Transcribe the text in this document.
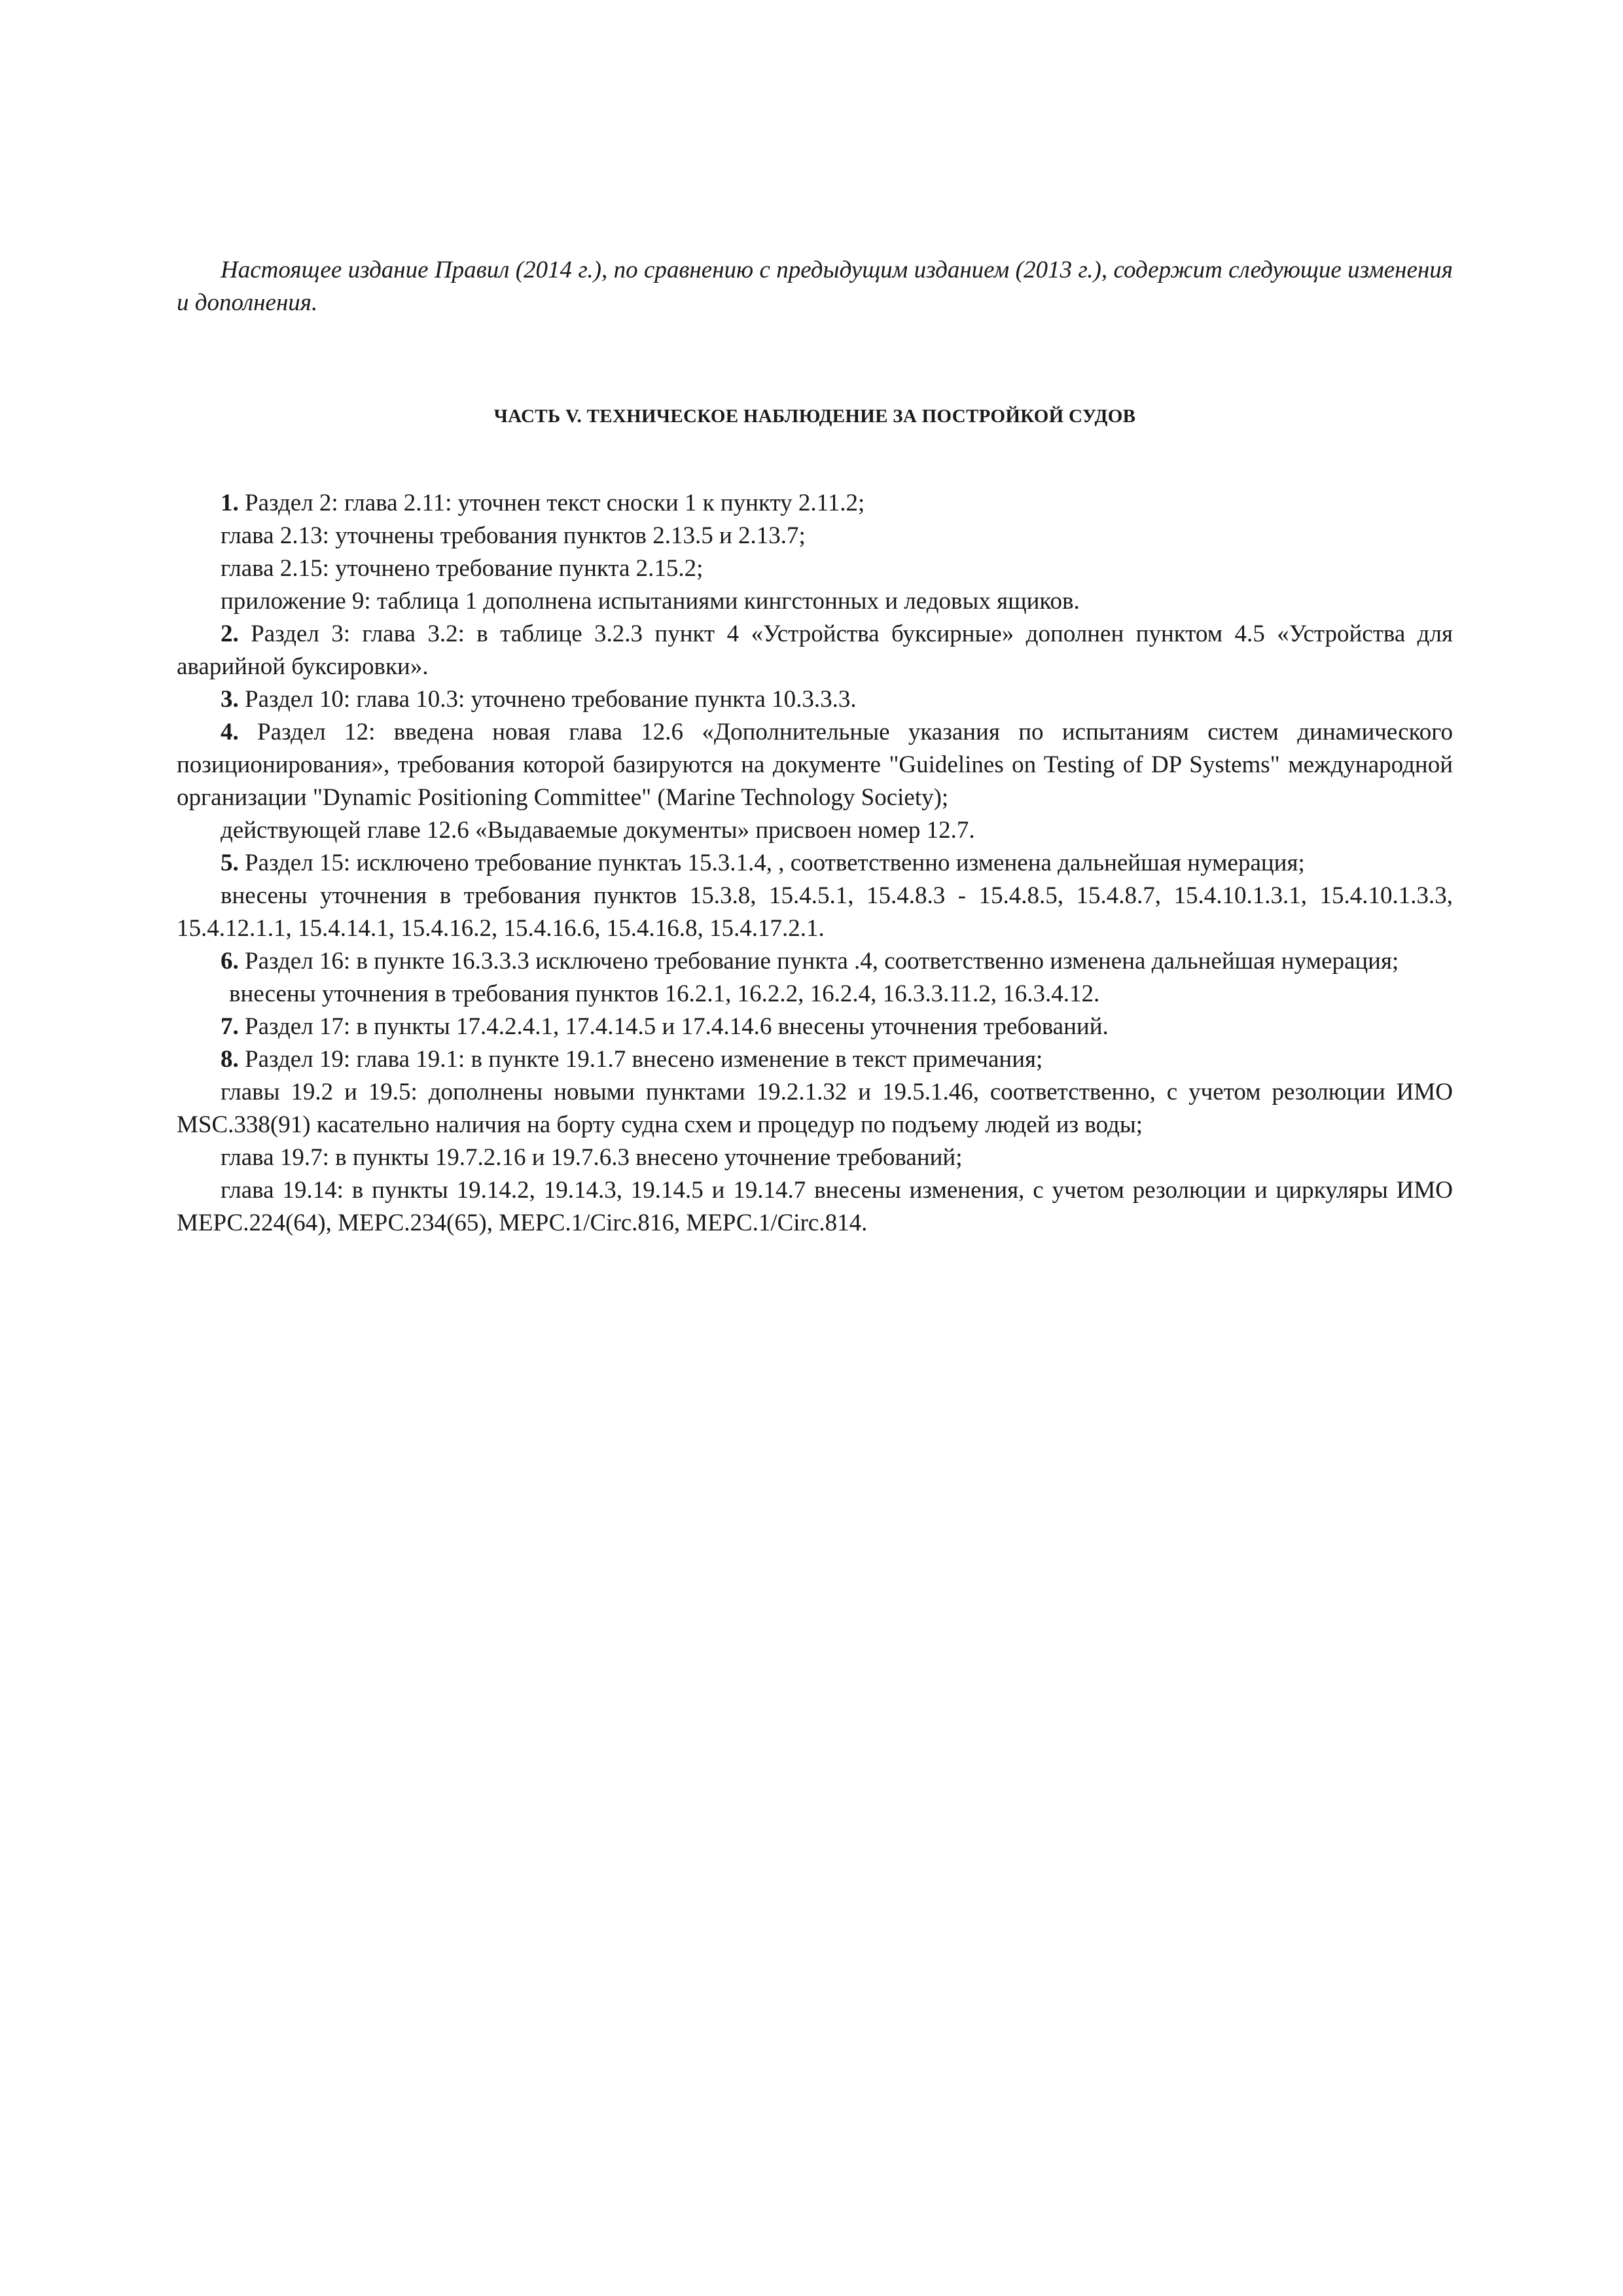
Настоящее издание Правил (2014 г.), по сравнению с предыдущим изданием (2013 г.), содержит следующие изменения и дополнения.

ЧАСТЬ V. ТЕХНИЧЕСКОЕ НАБЛЮДЕНИЕ ЗА ПОСТРОЙКОЙ СУДОВ

1. Раздел 2: глава 2.11: уточнен текст сноски 1 к пункту 2.11.2;

глава 2.13: уточнены требования пунктов 2.13.5 и 2.13.7;

глава 2.15: уточнено требование пункта 2.15.2;

приложение 9: таблица 1 дополнена испытаниями кингстонных и ледовых ящиков.

2. Раздел 3: глава 3.2: в таблице 3.2.3 пункт 4 «Устройства буксирные» дополнен пунктом 4.5 «Устройства для аварийной буксировки».

3. Раздел 10: глава 10.3: уточнено требование пункта 10.3.3.3.

4. Раздел 12: введена новая глава 12.6 «Дополнительные указания по испытаниям систем динамического позиционирования», требования которой базируются на документе "Guidelines on Testing of DP Systems" международной организации "Dynamic Positioning Committee" (Marine Technology Society);

действующей главе 12.6 «Выдаваемые документы» присвоен номер 12.7.

5. Раздел 15: исключено требование пунктаъ 15.3.1.4, , соответственно изменена дальнейшая нумерация;

внесены уточнения в требования пунктов 15.3.8, 15.4.5.1, 15.4.8.3 - 15.4.8.5, 15.4.8.7, 15.4.10.1.3.1, 15.4.10.1.3.3, 15.4.12.1.1, 15.4.14.1, 15.4.16.2, 15.4.16.6, 15.4.16.8, 15.4.17.2.1.

6. Раздел 16: в пункте 16.3.3.3 исключено требование пункта .4, соответственно изменена дальнейшая нумерация;

внесены уточнения в требования пунктов 16.2.1, 16.2.2, 16.2.4, 16.3.3.11.2, 16.3.4.12.

7. Раздел 17: в пункты 17.4.2.4.1, 17.4.14.5 и 17.4.14.6 внесены уточнения требований.

8. Раздел 19: глава 19.1: в пункте 19.1.7 внесено изменение в текст примечания;

главы 19.2 и 19.5: дополнены новыми пунктами 19.2.1.32 и 19.5.1.46, соответственно, с учетом резолюции ИМО MSC.338(91) касательно наличия на борту судна схем и процедур по подъему людей из воды;

глава 19.7: в пункты 19.7.2.16 и 19.7.6.3 внесено уточнение требований;

глава 19.14: в пункты 19.14.2, 19.14.3, 19.14.5 и 19.14.7 внесены изменения, с учетом резолюции и циркуляры ИМО МЕРС.224(64), МЕРС.234(65), МЕРС.1/Circ.816, МЕРС.1/Circ.814.
